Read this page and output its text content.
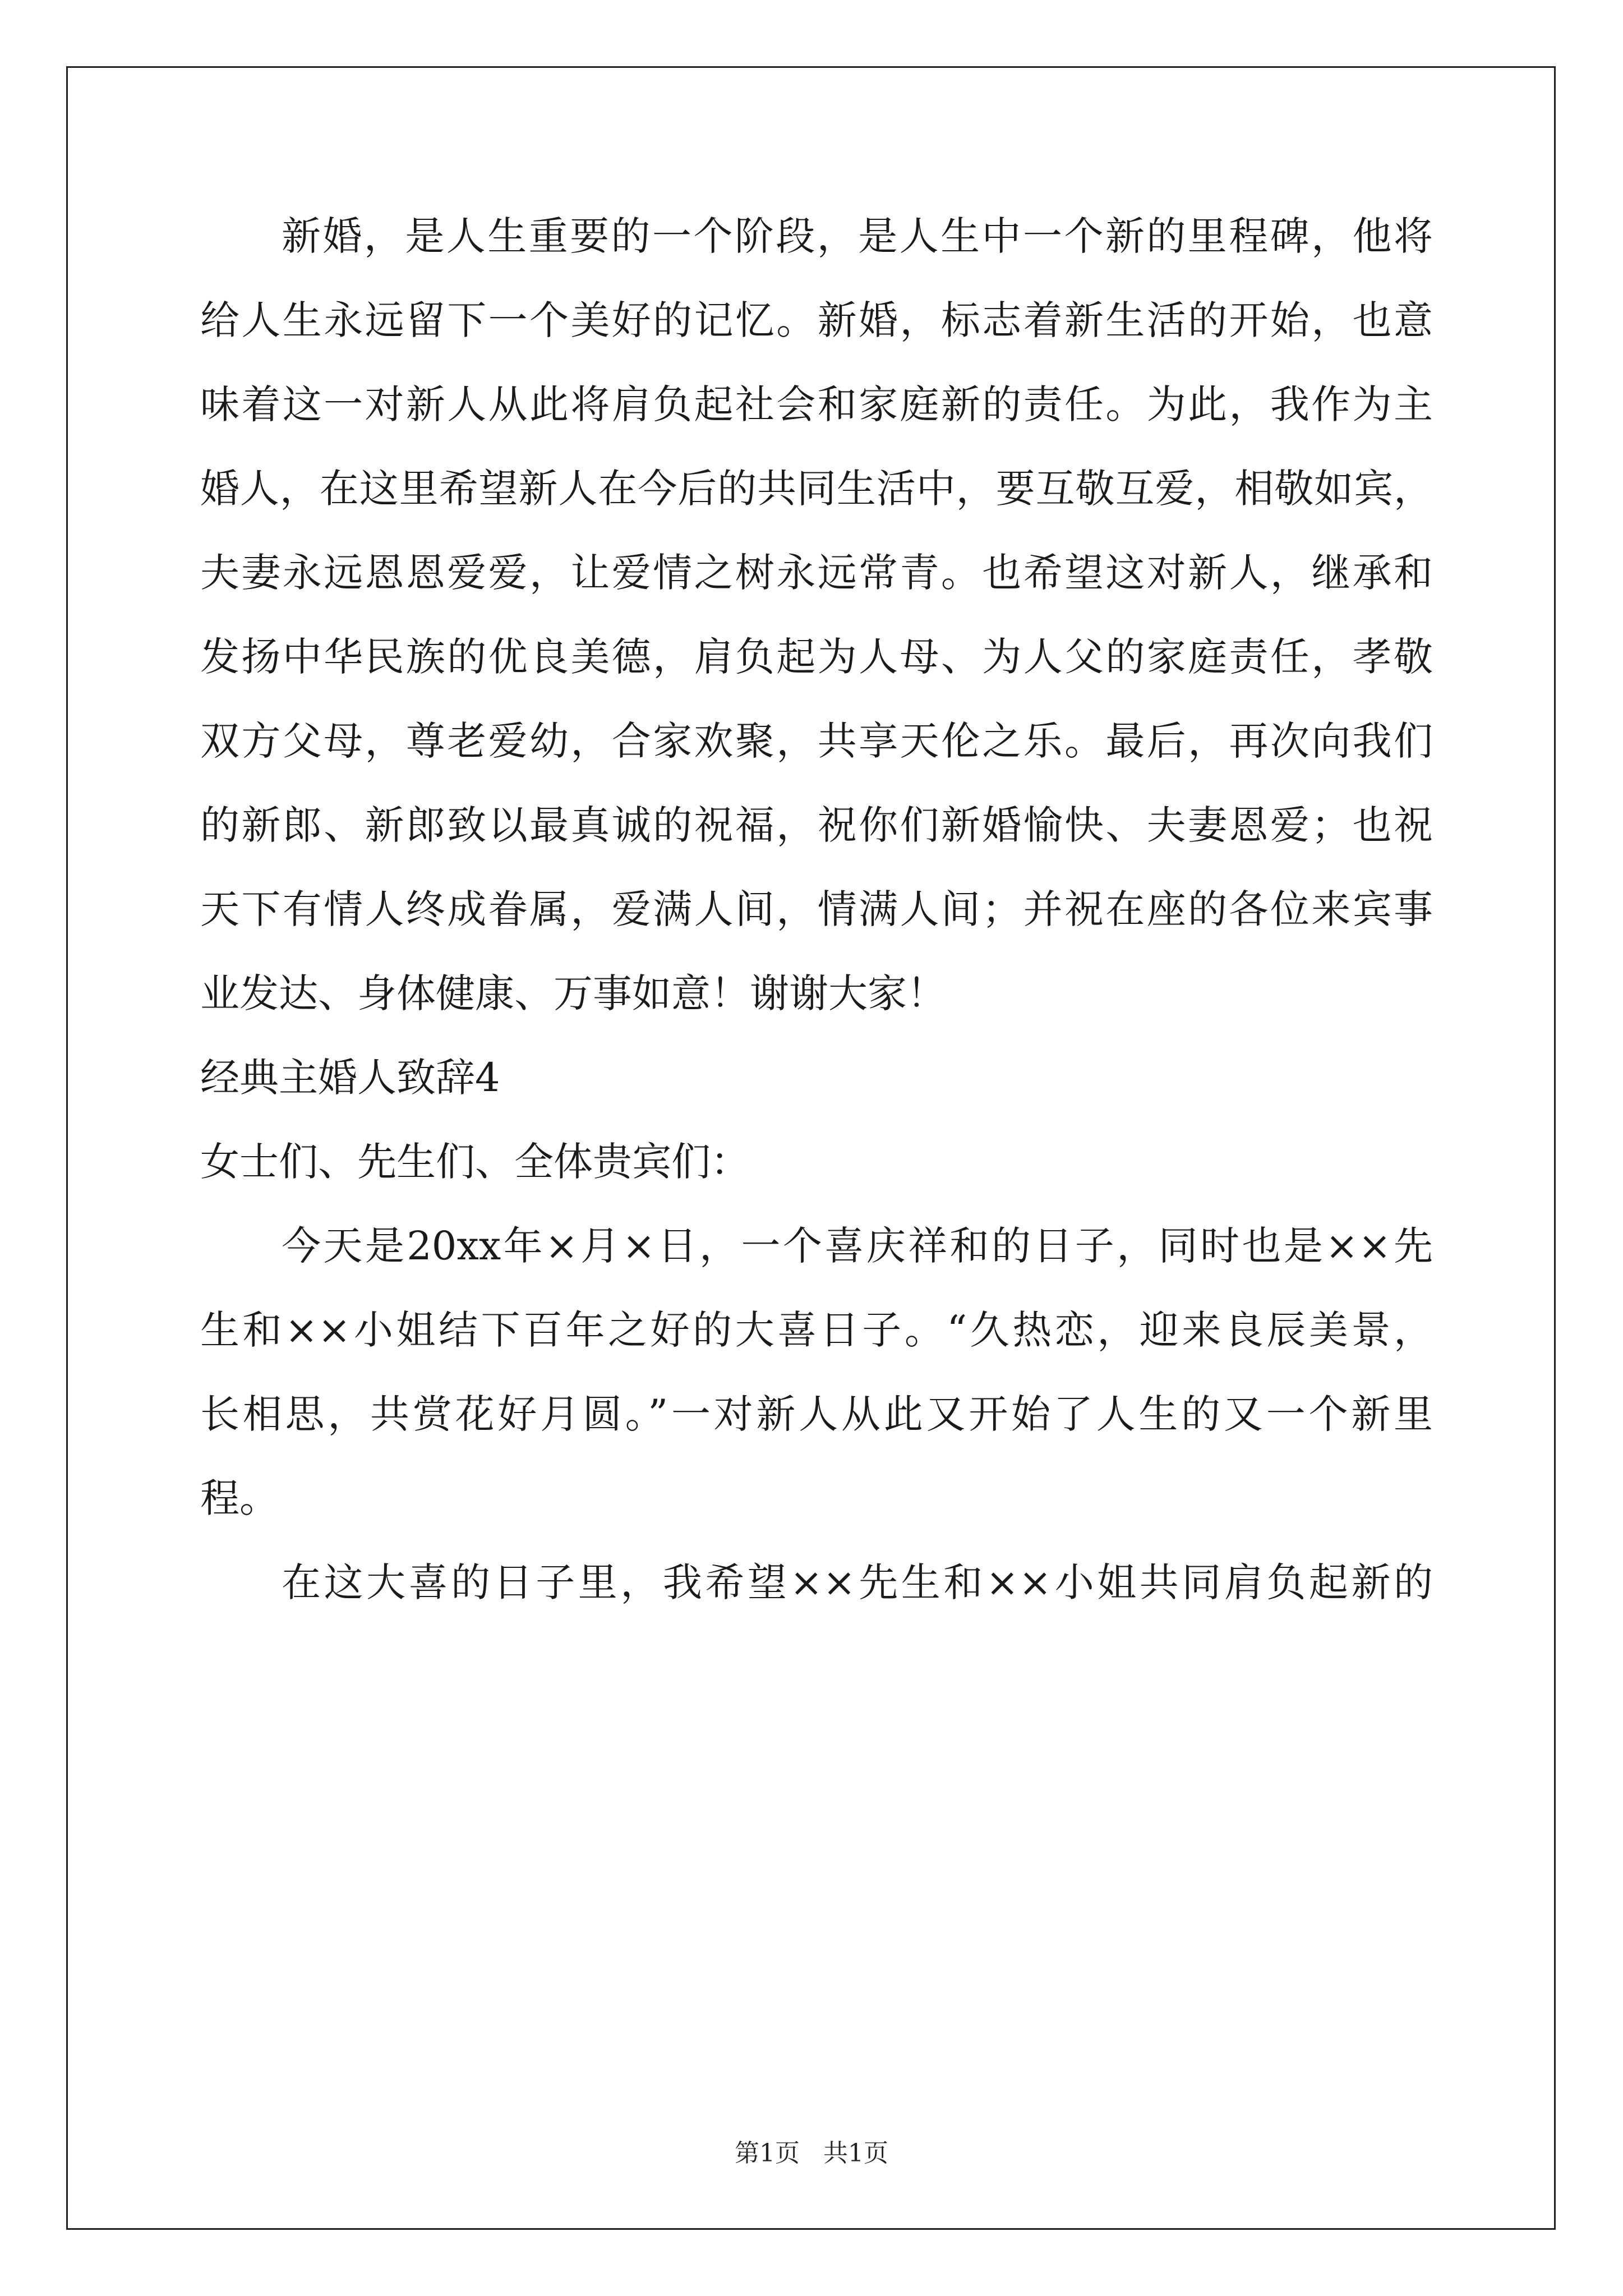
新婚，是人生重要的一个阶段，是人生中一个新的里程碑，他将
给人生永远留下一个美好的记忆。新婚，标志着新生活的开始，也意
味着这一对新人从此将肩负起社会和家庭新的责任。为此，我作为主
婚人，在这里希望新人在今后的共同生活中，要互敬互爱，相敬如宾，
夫妻永远恩恩爱爱，让爱情之树永远常青。也希望这对新人，继承和
发扬中华民族的优良美德，肩负起为人母、为人父的家庭责任，孝敬
双方父母，尊老爱幼，合家欢聚，共享天伦之乐。最后，再次向我们
的新郎、新郎致以最真诚的祝福，祝你们新婚愉快、夫妻恩爱；也祝
天下有情人终成眷属，爱满人间，情满人间；并祝在座的各位来宾事
业发达、身体健康、万事如意！谢谢大家！
经典主婚人致辞4
女士们、先生们、全体贵宾们：
今天是20xx年×月×日，一个喜庆祥和的日子，同时也是××先
生和××小姐结下百年之好的大喜日子。“久热恋，迎来良辰美景，
长相思，共赏花好月圆。”一对新人从此又开始了人生的又一个新里
程。
在这大喜的日子里，我希望××先生和××小姐共同肩负起新的
第1页   共1页
